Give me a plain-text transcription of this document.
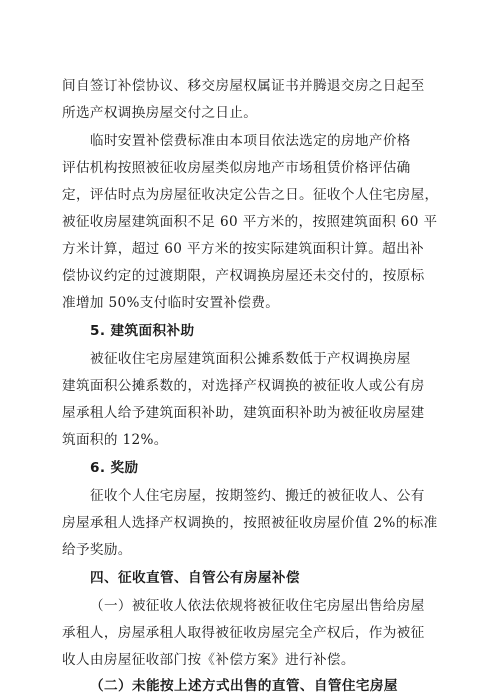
间自签订补偿协议、移交房屋权属证书并腾退交房之日起至
所选产权调换房屋交付之日止。
临时安置补偿费标准由本项目依法选定的房地产价格
评估机构按照被征收房屋类似房地产市场租赁价格评估确
定，评估时点为房屋征收决定公告之日。征收个人住宅房屋，
被征收房屋建筑面积不足 60 平方米的，按照建筑面积 60 平
方米计算，超过 60 平方米的按实际建筑面积计算。超出补
偿协议约定的过渡期限，产权调换房屋还未交付的，按原标
准增加 50%支付临时安置补偿费。
5. 建筑面积补助
被征收住宅房屋建筑面积公摊系数低于产权调换房屋
建筑面积公摊系数的，对选择产权调换的被征收人或公有房
屋承租人给予建筑面积补助，建筑面积补助为被征收房屋建
筑面积的 12%。
6. 奖励
征收个人住宅房屋，按期签约、搬迁的被征收人、公有
房屋承租人选择产权调换的，按照被征收房屋价值 2%的标准
给予奖励。
四、征收直管、自管公有房屋补偿
（一）被征收人依法依规将被征收住宅房屋出售给房屋
承租人，房屋承租人取得被征收房屋完全产权后，作为被征
收人由房屋征收部门按《补偿方案》进行补偿。
（二）未能按上述方式出售的直管、自管住宅房屋
